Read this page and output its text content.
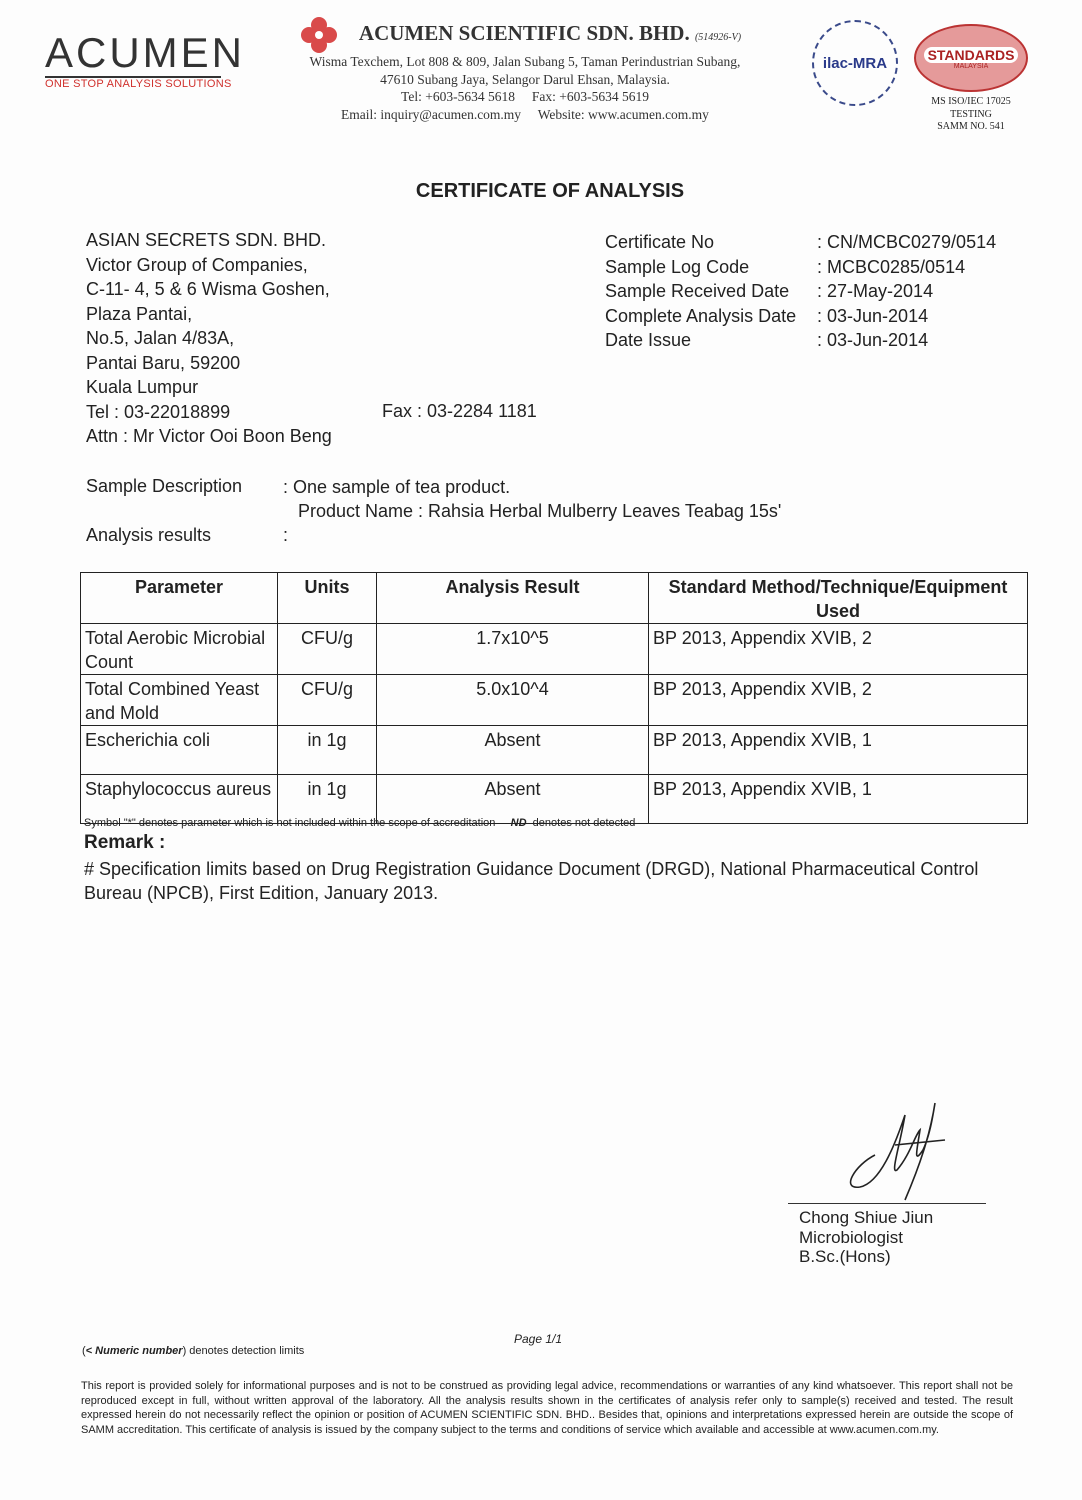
ACUMEN
ONE STOP ANALYSIS SOLUTIONS
ACUMEN SCIENTIFIC SDN. BHD. (514926-V)
Wisma Texchem, Lot 808 & 809, Jalan Subang 5, Taman Perindustrian Subang,
47610 Subang Jaya, Selangor Darul Ehsan, Malaysia.
Tel: +603-5634 5618     Fax: +603-5634 5619
Email: inquiry@acumen.com.my     Website: www.acumen.com.my
ilac-MRA	STANDARDS
MALAYSIA
MS ISO/IEC 17025
TESTING
SAMM NO. 541
CERTIFICATE OF ANALYSIS
ASIAN SECRETS SDN. BHD.
Victor Group of Companies,
C-11- 4, 5 & 6 Wisma Goshen,
Plaza Pantai,
No.5, Jalan 4/83A,
Pantai Baru, 59200
Kuala Lumpur
Tel : 03-22018899
Attn : Mr Victor Ooi Boon Beng
Fax : 03-2284 1181
Certificate No	: CN/MCBC0279/0514
Sample Log Code	: MCBC0285/0514
Sample Received Date : 27-May-2014
Complete Analysis Date : 03-Jun-2014
Date Issue	: 03-Jun-2014
Sample Description : One sample of tea product.
Product Name : Rahsia Herbal Mulberry Leaves Teabag 15s'
Analysis results	:
Parameter	Units	Analysis Result	Standard Method/Technique/Equipment Used
Total Aerobic Microbial Count	CFU/g	1.7x10^5	BP 2013, Appendix XVIB, 2
Total Combined Yeast and Mold	CFU/g	5.0x10^4	BP 2013, Appendix XVIB, 2
Escherichia coli	in 1g	Absent	BP 2013, Appendix XVIB, 1
Staphylococcus aureus	in 1g	Absent	BP 2013, Appendix XVIB, 1
Symbol "*" denotes parameter which is not included within the scope of accreditation ND denotes not detected
Remark :
# Specification limits based on Drug Registration Guidance Document (DRGD), National Pharmaceutical Control Bureau (NPCB), First Edition, January 2013.
Chong Shiue Jiun
Microbiologist
B.Sc.(Hons)
Page 1/1
(< Numeric number) denotes detection limits
This report is provided solely for informational purposes and is not to be construed as providing legal advice, recommendations or warranties of any kind whatsoever. This report shall not be reproduced except in full, without written approval of the laboratory. All the analysis results shown in the certificates of analysis refer only to sample(s) received and tested. The result expressed herein do not necessarily reflect the opinion or position of ACUMEN SCIENTIFIC SDN. BHD.. Besides that, opinions and interpretations expressed herein are outside the scope of SAMM accreditation. This certificate of analysis is issued by the company subject to the terms and conditions of service which available and accessible at www.acumen.com.my.
